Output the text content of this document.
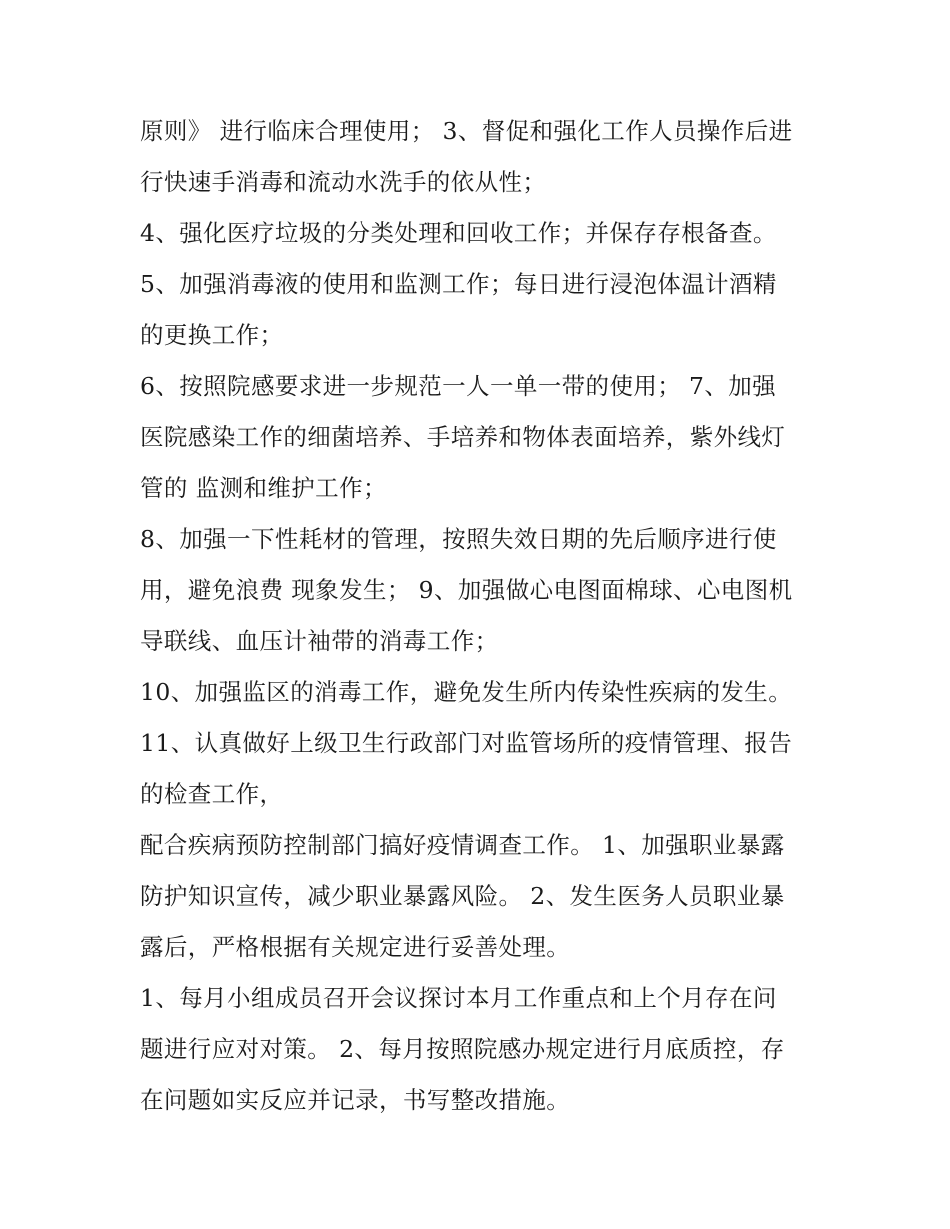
原则》 进行临床合理使用； 3、督促和强化工作人员操作后进
行快速手消毒和流动水洗手的依从性；
4、强化医疗垃圾的分类处理和回收工作；并保存存根备查。
5、加强消毒液的使用和监测工作；每日进行浸泡体温计酒精
的更换工作；
6、按照院感要求进一步规范一人一单一带的使用； 7、加强
医院感染工作的细菌培养、手培养和物体表面培养，紫外线灯
管的 监测和维护工作；
8、加强一下性耗材的管理，按照失效日期的先后顺序进行使
用，避免浪费 现象发生； 9、加强做心电图面棉球、心电图机
导联线、血压计袖带的消毒工作；
10、加强监区的消毒工作，避免发生所内传染性疾病的发生。
11、认真做好上级卫生行政部门对监管场所的疫情管理、报告
的检查工作，
配合疾病预防控制部门搞好疫情调查工作。 1、加强职业暴露
防护知识宣传，减少职业暴露风险。 2、发生医务人员职业暴
露后，严格根据有关规定进行妥善处理。
1、每月小组成员召开会议探讨本月工作重点和上个月存在问
题进行应对对策。 2、每月按照院感办规定进行月底质控，存
在问题如实反应并记录，书写整改措施。
